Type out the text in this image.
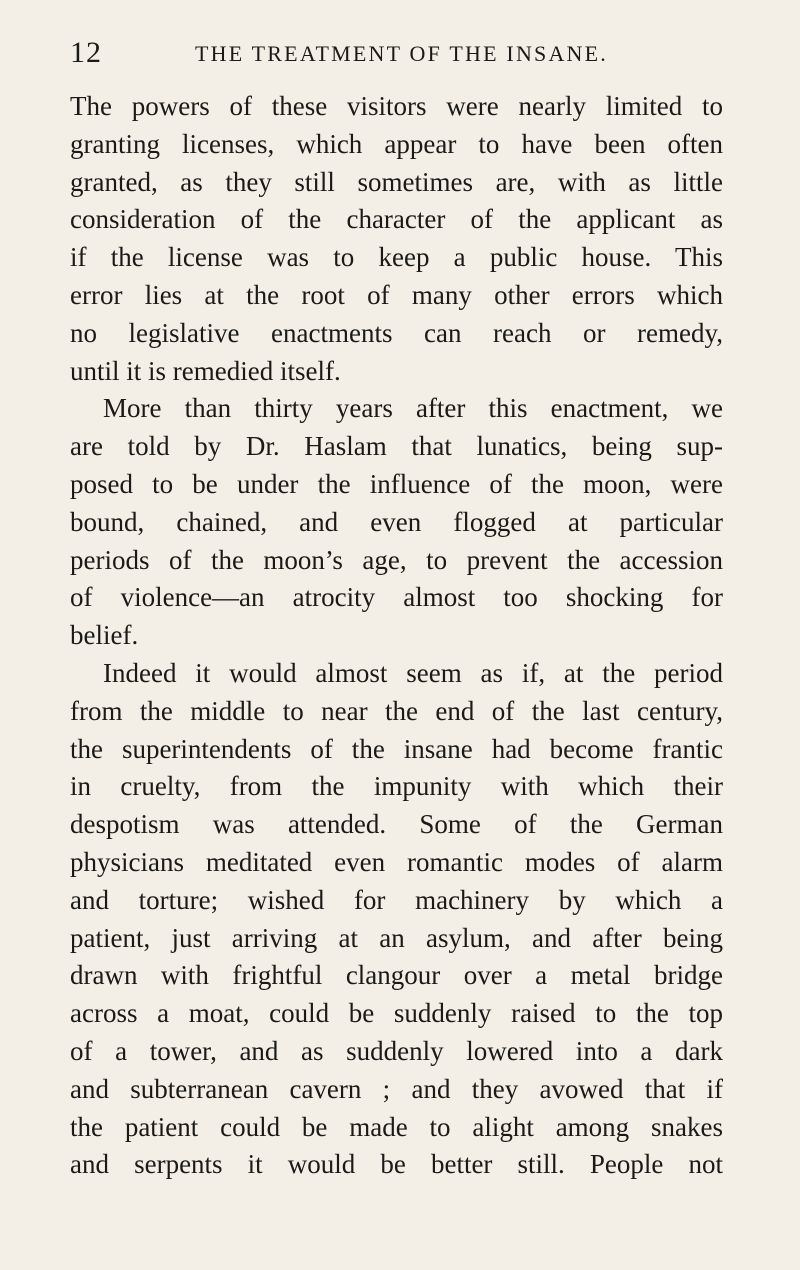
12	THE TREATMENT OF THE INSANE.
The powers of these visitors were nearly limited to
granting licenses, which appear to have been often
granted, as they still sometimes are, with as little
consideration of the character of the applicant as
if the license was to keep a public house. This
error lies at the root of many other errors which
no legislative enactments can reach or remedy,
until it is remedied itself.
More than thirty years after this enactment, we
are told by Dr. Haslam that lunatics, being sup-
posed to be under the influence of the moon, were
bound, chained, and even flogged at particular
periods of the moon’s age, to prevent the accession
of violence—an atrocity almost too shocking for
belief.
Indeed it would almost seem as if, at the period
from the middle to near the end of the last century,
the superintendents of the insane had become frantic
in cruelty, from the impunity with which their
despotism was attended. Some of the German
physicians meditated even romantic modes of alarm
and torture; wished for machinery by which a
patient, just arriving at an asylum, and after being
drawn with frightful clangour over a metal bridge
across a moat, could be suddenly raised to the top
of a tower, and as suddenly lowered into a dark
and subterranean cavern ; and they avowed that if
the patient could be made to alight among snakes
and serpents it would be better still. People not
